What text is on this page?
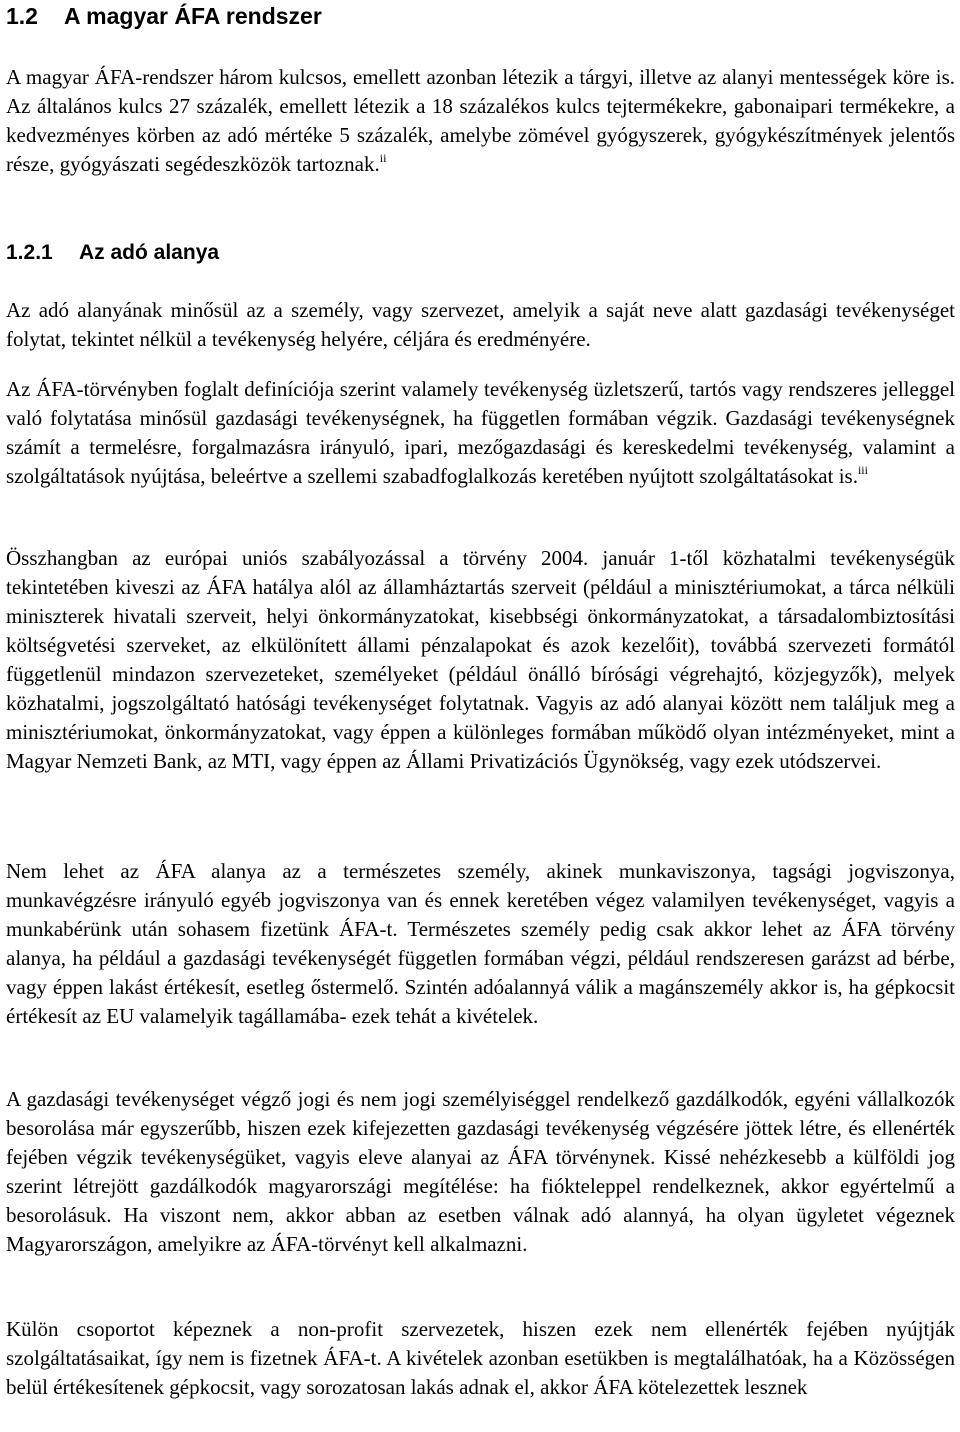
1.2 A magyar ÁFA rendszer

A magyar ÁFA-rendszer három kulcsos, emellett azonban létezik a tárgyi, illetve az alanyi mentességek köre is. Az általános kulcs 27 százalék, emellett létezik a 18 százalékos kulcs tejtermékekre, gabonaipari termékekre, a kedvezményes körben az adó mértéke 5 százalék, amelybe zömével gyógyszerek, gyógykészítmények jelentős része, gyógyászati segédeszközök tartoznak.$^{ii}$

1.2.1 Az adó alanya

Az adó alanyának minősül az a személy, vagy szervezet, amelyik a saját neve alatt gazdasági tevékenységet folytat, tekintet nélkül a tevékenység helyére, céljára és eredményére.

Az ÁFA-törvényben foglalt definíciója szerint valamely tevékenység üzletszerű, tartós vagy rendszeres jelleggel való folytatása minősül gazdasági tevékenységnek, ha független formában végzik. Gazdasági tevékenységnek számít a termelésre, forgalmazásra irányuló, ipari, mezőgazdasági és kereskedelmi tevékenység, valamint a szolgáltatások nyújtása, beleértve a szellemi szabadfoglalkozás keretében nyújtott szolgáltatásokat is.$^{iii}$

Összhangban az európai uniós szabályozással a törvény 2004. január 1-től közhatalmi tevékenységük tekintetében kiveszi az ÁFA hatálya alól az államháztartás szerveit (például a minisztériumokat, a tárca nélküli miniszterek hivatali szerveit, helyi önkormányzatokat, kisebbségi önkormányzatokat, a társadalombiztosítási költségvetési szerveket, az elkülönített állami pénzalapokat és azok kezelőit), továbbá szervezeti formától függetlenül mindazon szervezeteket, személyeket (például önálló bírósági végrehajtó, közjegyzők), melyek közhatalmi, jogszolgáltató hatósági tevékenységet folytatnak. Vagyis az adó alanyai között nem találjuk meg a minisztériumokat, önkormányzatokat, vagy éppen a különleges formában működő olyan intézményeket, mint a Magyar Nemzeti Bank, az MTI, vagy éppen az Állami Privatizációs Ügynökség, vagy ezek utódszervei.

Nem lehet az ÁFA alanya az a természetes személy, akinek munkaviszonya, tagsági jogviszonya, munkavégzésre irányuló egyéb jogviszonya van és ennek keretében végez valamilyen tevékenységet, vagyis a munkabérünk után sohasem fizetünk ÁFA-t. Természetes személy pedig csak akkor lehet az ÁFA törvény alanya, ha például a gazdasági tevékenységét független formában végzi, például rendszeresen garázst ad bérbe, vagy éppen lakást értékesít, esetleg őstermelő. Szintén adóalannyá válik a magánszemély akkor is, ha gépkocsit értékesít az EU valamelyik tagállamába- ezek tehát a kivételek.

A gazdasági tevékenységet végző jogi és nem jogi személyiséggel rendelkező gazdálkodók, egyéni vállalkozók besorolása már egyszerűbb, hiszen ezek kifejezetten gazdasági tevékenység végzésére jöttek létre, és ellenérték fejében végzik tevékenységüket, vagyis eleve alanyai az ÁFA törvénynek. Kissé nehézkesebb a külföldi jog szerint létrejött gazdálkodók magyarországi megítélése: ha fiókteleppel rendelkeznek, akkor egyértelmű a besorolásuk. Ha viszont nem, akkor abban az esetben válnak adó alannyá, ha olyan ügyletet végeznek Magyarországon, amelyikre az ÁFA-törvényt kell alkalmazni.

Külön csoportot képeznek a non-profit szervezetek, hiszen ezek nem ellenérték fejében nyújtják szolgáltatásaikat, így nem is fizetnek ÁFA-t. A kivételek azonban esetükben is megtalálhatóak, ha a Közösségen belül értékesítenek gépkocsit, vagy sorozatosan lakás adnak el, akkor ÁFA kötelezettek lesznek
